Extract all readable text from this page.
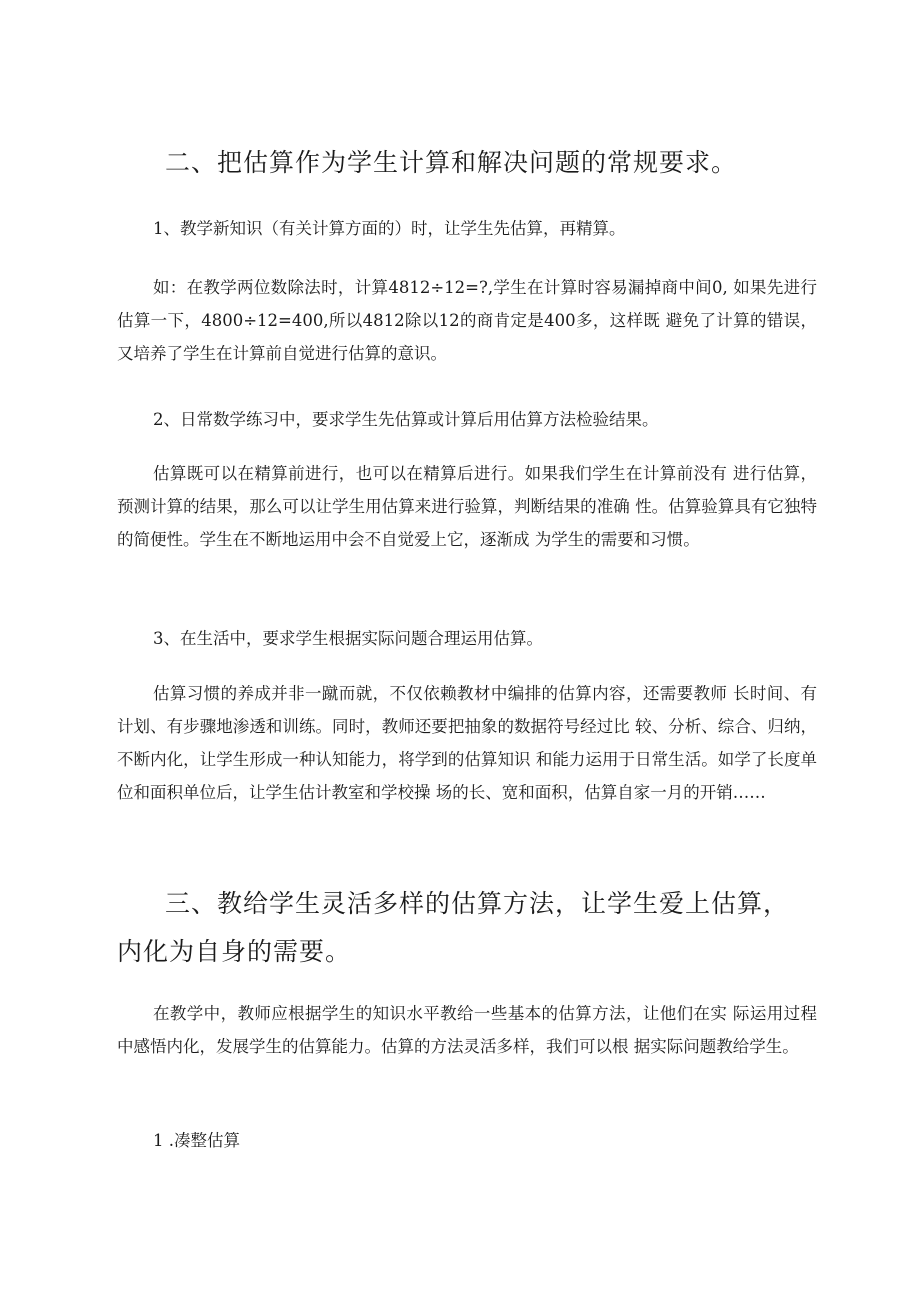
二、把估算作为学生计算和解决问题的常规要求。

1、教学新知识（有关计算方面的）时，让学生先估算，再精算。

如：在教学两位数除法时，计算4812÷12=?,学生在计算时容易漏掉商中间0, 如果先进行估算一下，4800÷12=400,所以4812除以12的商肯定是400多，这样既 避免了计算的错误，又培养了学生在计算前自觉进行估算的意识。

2、日常数学练习中，要求学生先估算或计算后用估算方法检验结果。

估算既可以在精算前进行，也可以在精算后进行。如果我们学生在计算前没有 进行估算，预测计算的结果，那么可以让学生用估算来进行验算，判断结果的准确 性。估算验算具有它独特的简便性。学生在不断地运用中会不自觉爱上它，逐渐成 为学生的需要和习惯。

3、在生活中，要求学生根据实际问题合理运用估算。

估算习惯的养成并非一蹴而就，不仅依赖教材中编排的估算内容，还需要教师 长时间、有计划、有步骤地渗透和训练。同时，教师还要把抽象的数据符号经过比 较、分析、综合、归纳，不断内化，让学生形成一种认知能力，将学到的估算知识 和能力运用于日常生活。如学了长度单位和面积单位后，让学生估计教室和学校操 场的长、宽和面积，估算自家一月的开销……

三、教给学生灵活多样的估算方法，让学生爱上估算，内化为自身的需要。

在教学中，教师应根据学生的知识水平教给一些基本的估算方法，让他们在实 际运用过程中感悟内化，发展学生的估算能力。估算的方法灵活多样，我们可以根 据实际问题教给学生。

1 .凑整估算
